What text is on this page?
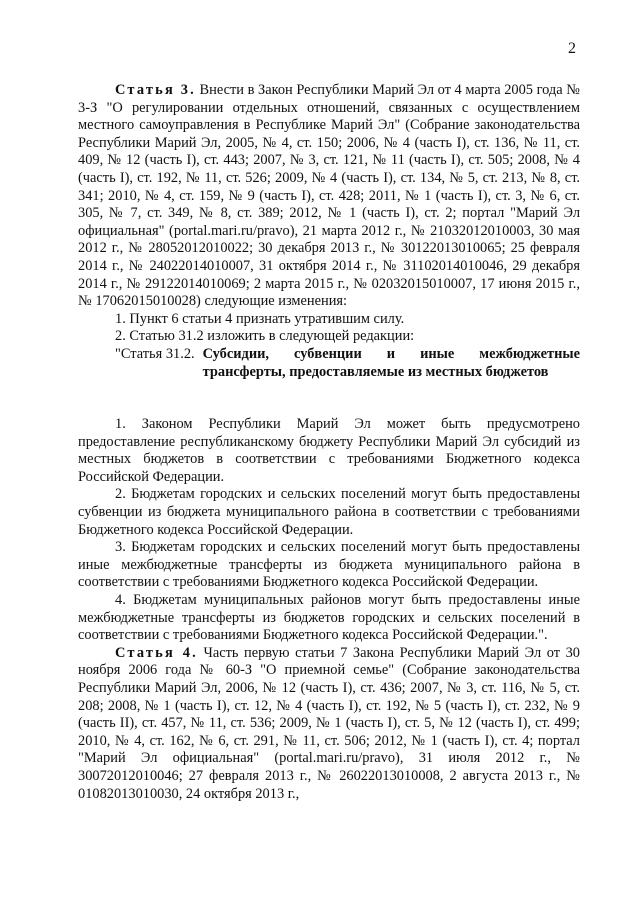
2

Статья 3. Внести в Закон Республики Марий Эл от 4 марта 2005 года № 3-З "О регулировании отдельных отношений, связанных с осуществлением местного самоуправления в Республике Марий Эл" (Собрание законодательства Республики Марий Эл, 2005, № 4, ст. 150; 2006, № 4 (часть I), ст. 136, № 11, ст. 409, № 12 (часть I), ст. 443; 2007, № 3, ст. 121, № 11 (часть I), ст. 505; 2008, № 4 (часть I), ст. 192, № 11, ст. 526; 2009, № 4 (часть I), ст. 134, № 5, ст. 213, № 8, ст. 341; 2010, № 4, ст. 159, № 9 (часть I), ст. 428; 2011, № 1 (часть I), ст. 3, № 6, ст. 305, № 7, ст. 349, № 8, ст. 389; 2012, № 1 (часть I), ст. 2; портал "Марий Эл официальная" (portal.mari.ru/pravo), 21 марта 2012 г., № 21032012010003, 30 мая 2012 г., № 28052012010022; 30 декабря 2013 г., № 30122013010065; 25 февраля 2014 г., № 24022014010007, 31 октября 2014 г., № 31102014010046, 29 декабря 2014 г., № 29122014010069; 2 марта 2015 г., № 02032015010007, 17 июня 2015 г., № 17062015010028) следующие изменения:

1. Пункт 6 статьи 4 признать утратившим силу.

2. Статью 31.2 изложить в следующей редакции:

"Статья 31.2. Субсидии, субвенции и иные межбюджетные трансферты, предоставляемые из местных бюджетов

1. Законом Республики Марий Эл может быть предусмотрено предоставление республиканскому бюджету Республики Марий Эл субсидий из местных бюджетов в соответствии с требованиями Бюджетного кодекса Российской Федерации.

2. Бюджетам городских и сельских поселений могут быть предоставлены субвенции из бюджета муниципального района в соответствии с требованиями Бюджетного кодекса Российской Федерации.

3. Бюджетам городских и сельских поселений могут быть предоставлены иные межбюджетные трансферты из бюджета муниципального района в соответствии с требованиями Бюджетного кодекса Российской Федерации.

4. Бюджетам муниципальных районов могут быть предоставлены иные межбюджетные трансферты из бюджетов городских и сельских поселений в соответствии с требованиями Бюджетного кодекса Российской Федерации.".

Статья 4. Часть первую статьи 7 Закона Республики Марий Эл от 30 ноября 2006 года № 60-З "О приемной семье" (Собрание законодательства Республики Марий Эл, 2006, № 12 (часть I), ст. 436; 2007, № 3, ст. 116, № 5, ст. 208; 2008, № 1 (часть I), ст. 12, № 4 (часть I), ст. 192, № 5 (часть I), ст. 232, № 9 (часть II), ст. 457, № 11, ст. 536; 2009, № 1 (часть I), ст. 5, № 12 (часть I), ст. 499; 2010, № 4, ст. 162, № 6, ст. 291, № 11, ст. 506; 2012, № 1 (часть I), ст. 4; портал "Марий Эл официальная" (portal.mari.ru/pravo), 31 июля 2012 г., № 30072012010046; 27 февраля 2013 г., № 26022013010008, 2 августа 2013 г., № 01082013010030, 24 октября 2013 г.,
